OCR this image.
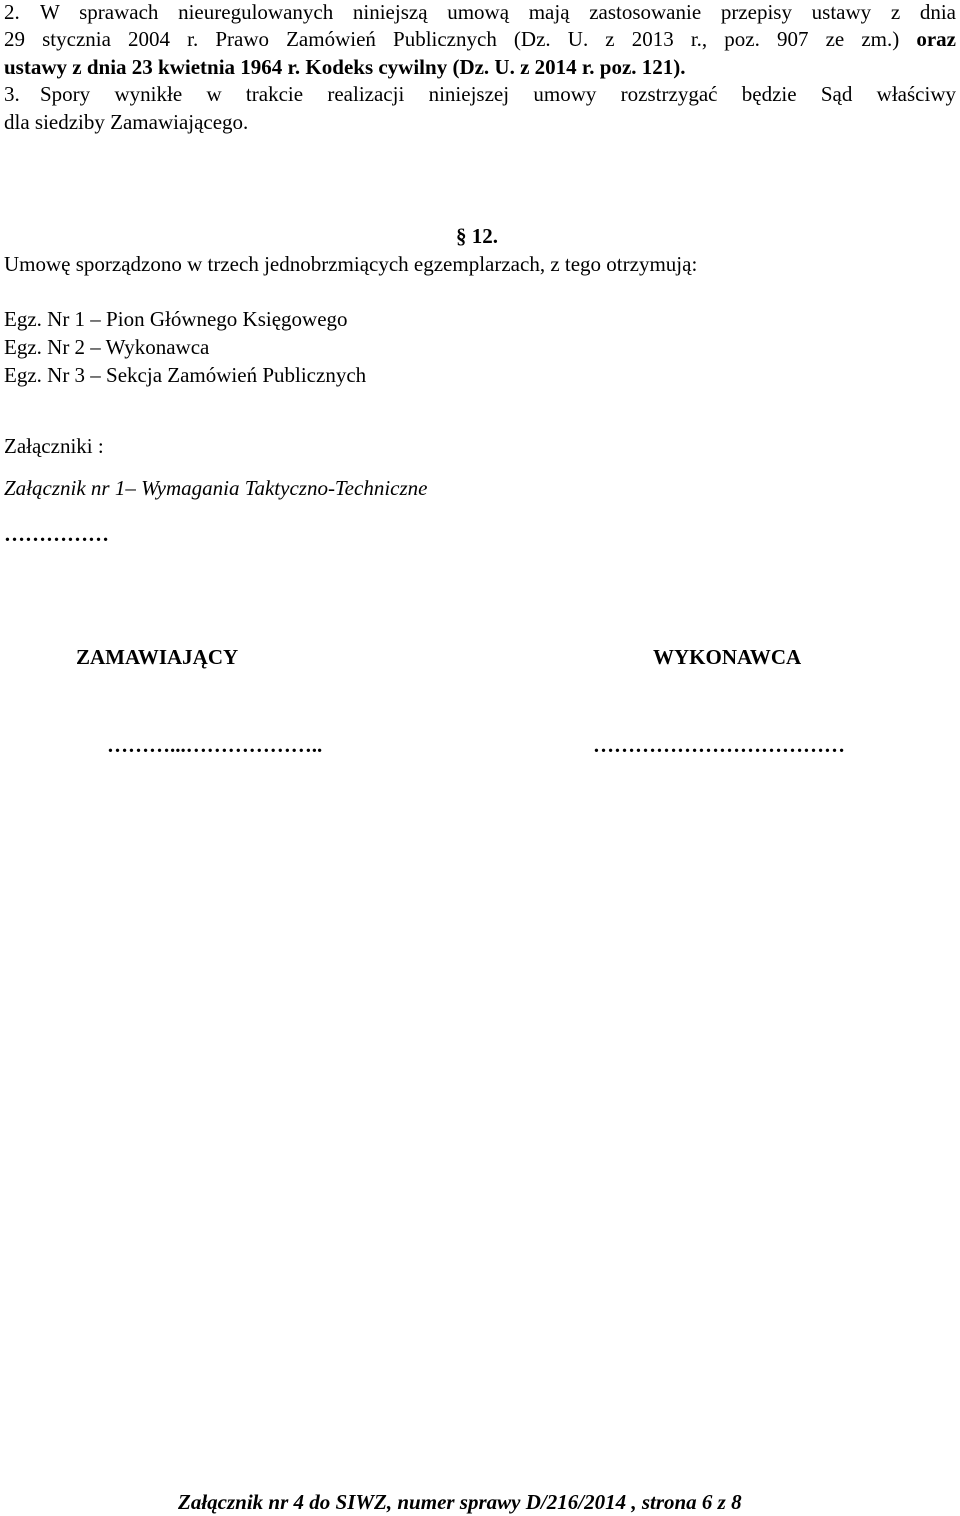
2. W sprawach nieuregulowanych niniejszą umową mają zastosowanie przepisy ustawy z dnia
29 stycznia 2004 r. Prawo Zamówień Publicznych (Dz. U. z 2013 r., poz. 907 ze zm.) oraz
ustawy z dnia 23 kwietnia 1964 r. Kodeks cywilny (Dz. U. z 2014 r. poz. 121).
3. Spory wynikłe w trakcie realizacji niniejszej umowy rozstrzygać będzie Sąd właściwy
dla siedziby Zamawiającego.
§ 12.
Umowę sporządzono w trzech jednobrzmiących egzemplarzach, z tego otrzymują:
Egz. Nr 1 – Pion Głównego Księgowego
Egz. Nr 2 – Wykonawca
Egz. Nr 3 – Sekcja Zamówień Publicznych
Załączniki :
Załącznik nr 1– Wymagania Taktyczno-Techniczne
……………
ZAMAWIAJĄCY	WYKONAWCA
………...………………..	………………………………
Załącznik nr 4 do SIWZ, numer sprawy D/216/2014 , strona 6 z 8
